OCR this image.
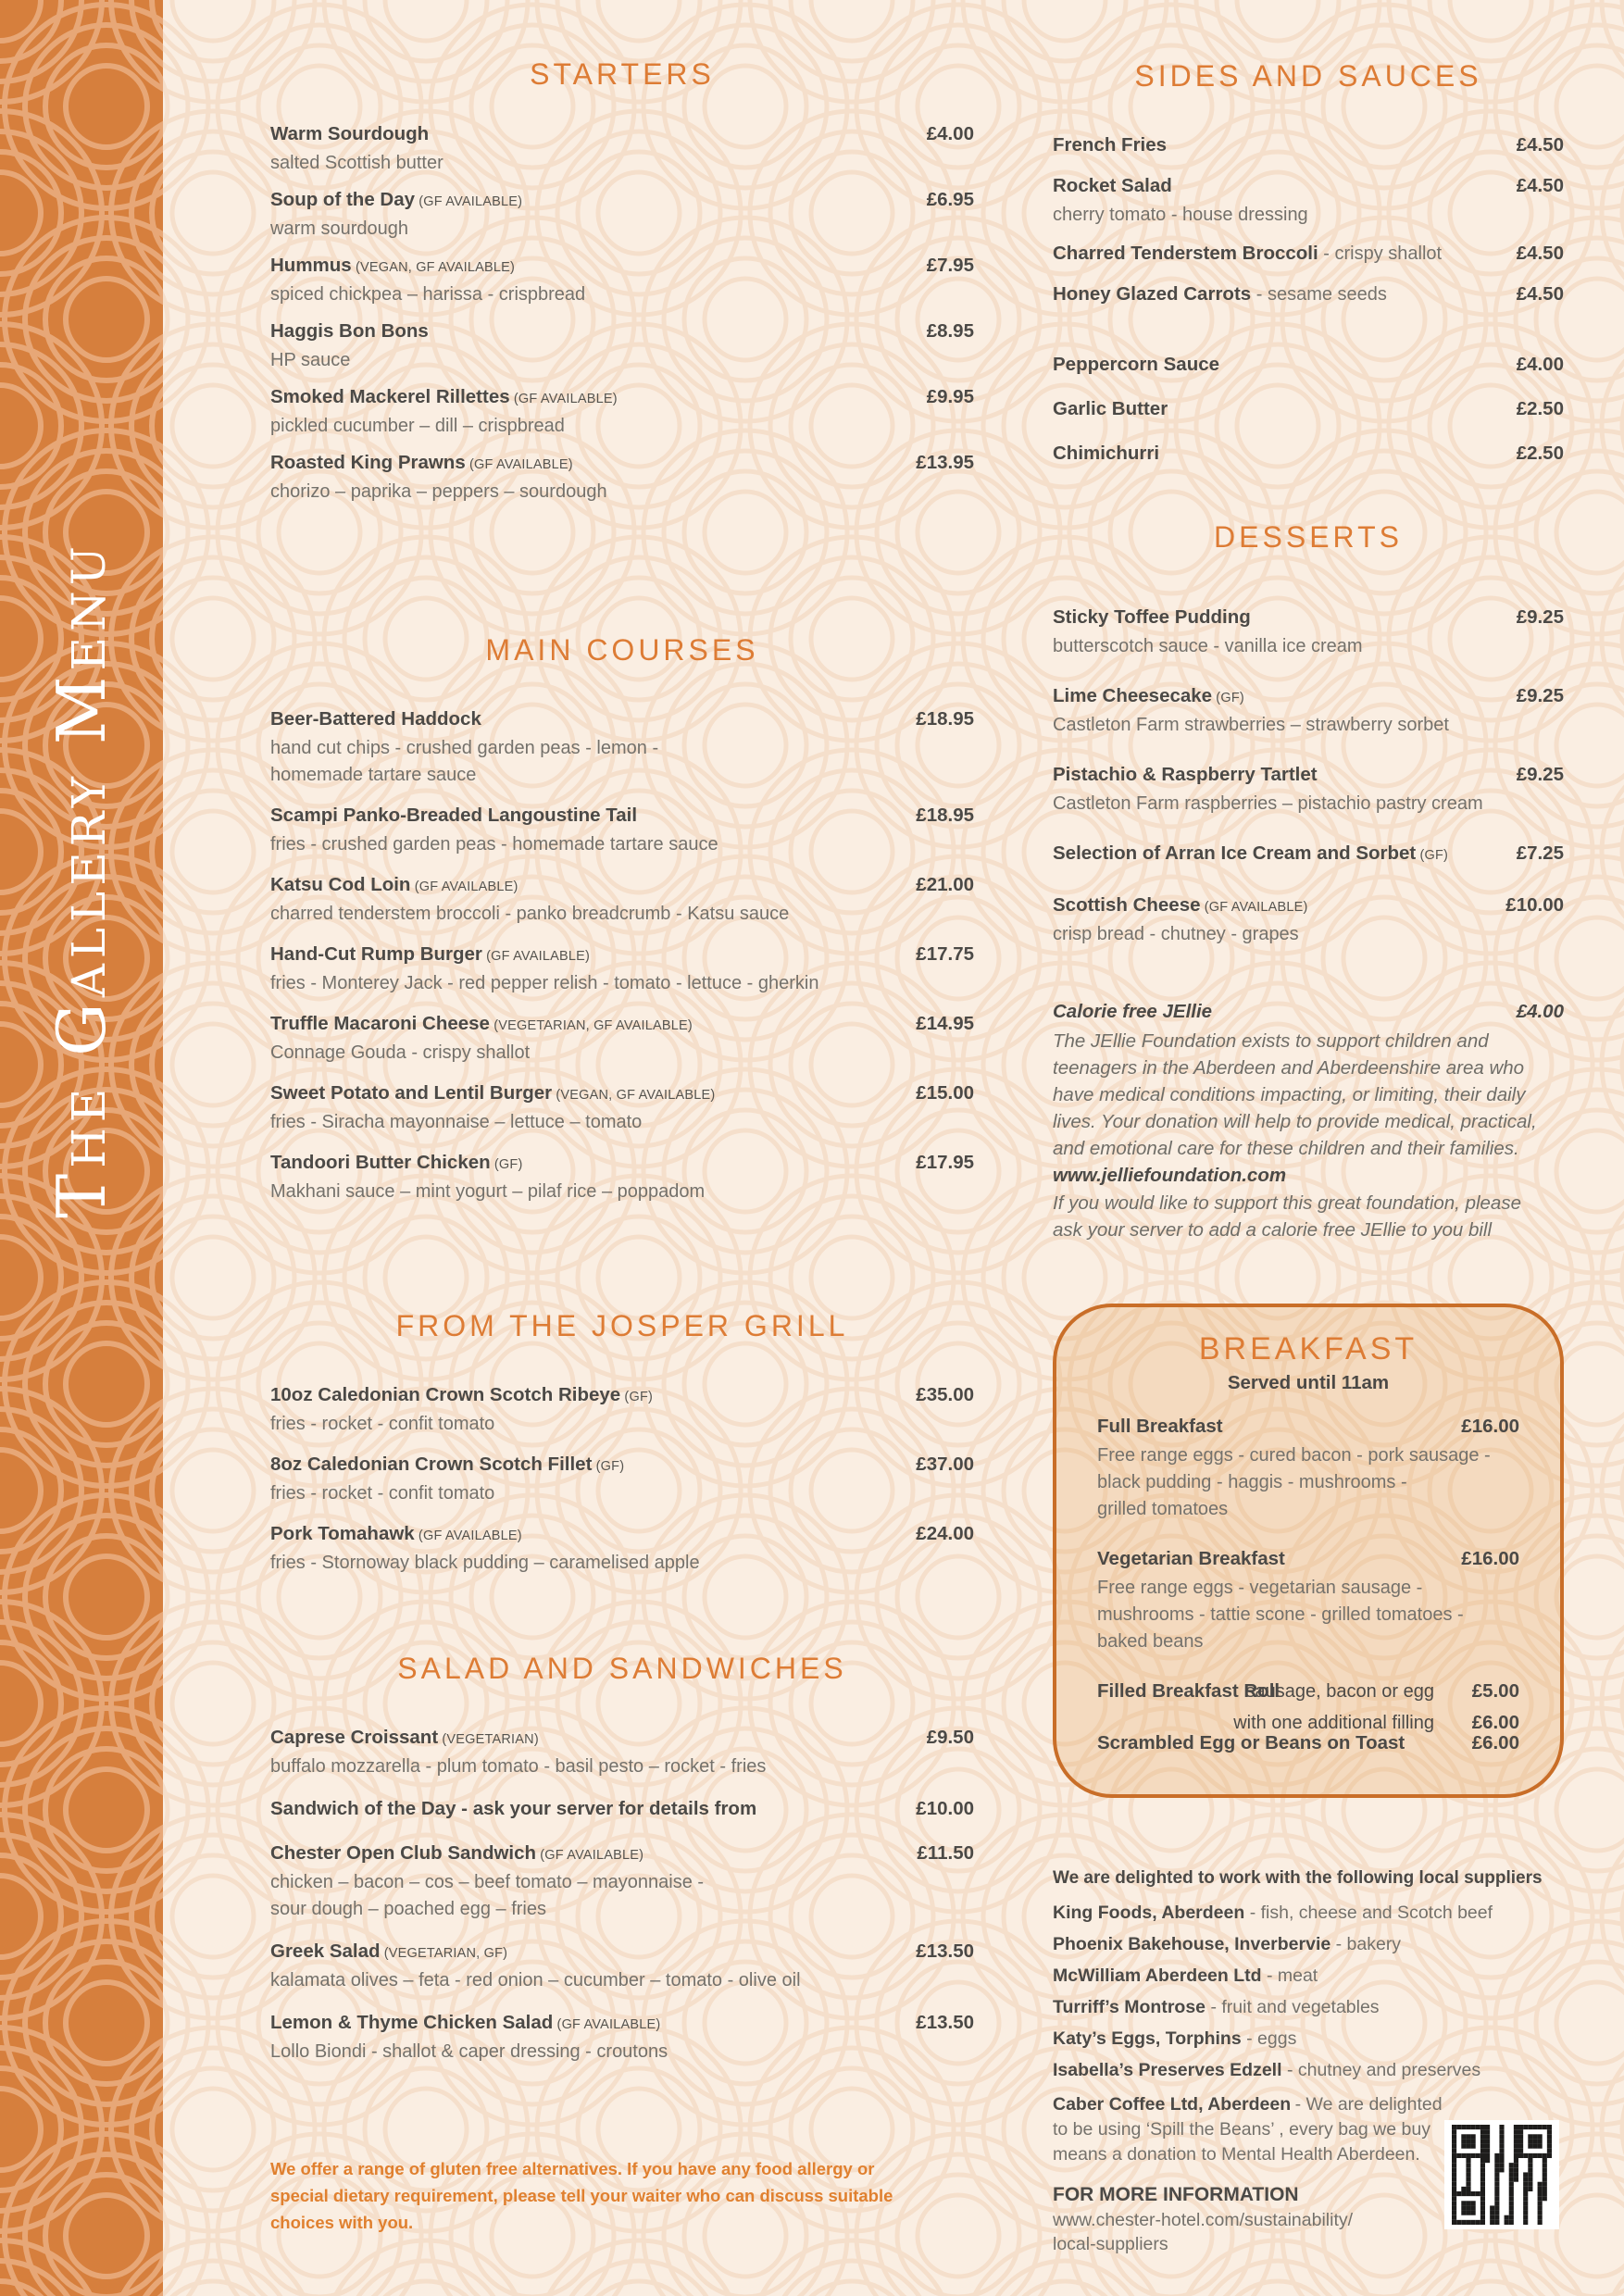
The Gallery Menu
STARTERS
Warm Sourdough	£4.00
salted Scottish butter
Soup of the Day (GF AVAILABLE)	£6.95
warm sourdough
Hummus (VEGAN, GF AVAILABLE)	£7.95
spiced chickpea – harissa - crispbread
Haggis Bon Bons	£8.95
HP sauce
Smoked Mackerel Rillettes (GF AVAILABLE)	£9.95
pickled cucumber – dill – crispbread
Roasted King Prawns (GF AVAILABLE)	£13.95
chorizo – paprika – peppers – sourdough
MAIN COURSES
Beer-Battered Haddock	£18.95
hand cut chips - crushed garden peas - lemon -
homemade tartare sauce
Scampi Panko-Breaded Langoustine Tail	£18.95
fries - crushed garden peas - homemade tartare sauce
Katsu Cod Loin (GF AVAILABLE)	£21.00
charred tenderstem broccoli - panko breadcrumb - Katsu sauce
Hand-Cut Rump Burger (GF AVAILABLE)	£17.75
fries - Monterey Jack - red pepper relish - tomato - lettuce - gherkin
Truffle Macaroni Cheese (VEGETARIAN, GF AVAILABLE)	£14.95
Connage Gouda - crispy shallot
Sweet Potato and Lentil Burger (VEGAN, GF AVAILABLE)	£15.00
fries - Siracha mayonnaise – lettuce – tomato
Tandoori Butter Chicken (GF)	£17.95
Makhani sauce – mint yogurt – pilaf rice – poppadom
FROM THE JOSPER GRILL
10oz Caledonian Crown Scotch Ribeye (GF)	£35.00
fries - rocket - confit tomato
8oz Caledonian Crown Scotch Fillet (GF)	£37.00
fries - rocket - confit tomato
Pork Tomahawk (GF AVAILABLE)	£24.00
fries - Stornoway black pudding – caramelised apple
SALAD AND SANDWICHES
Caprese Croissant (VEGETARIAN)	£9.50
buffalo mozzarella - plum tomato - basil pesto – rocket - fries
Sandwich of the Day - ask your server for details from	£10.00
Chester Open Club Sandwich (GF AVAILABLE)	£11.50
chicken – bacon – cos – beef tomato – mayonnaise -
sour dough – poached egg – fries
Greek Salad (VEGETARIAN, GF)	£13.50
kalamata olives – feta - red onion – cucumber – tomato - olive oil
Lemon & Thyme Chicken Salad (GF AVAILABLE)	£13.50
Lollo Biondi - shallot & caper dressing - croutons
We offer a range of gluten free alternatives. If you have any food allergy or
special dietary requirement, please tell your waiter who can discuss suitable
choices with you.
SIDES AND SAUCES
French Fries	£4.50
Rocket Salad	£4.50
cherry tomato - house dressing
Charred Tenderstem Broccoli - crispy shallot	£4.50
Honey Glazed Carrots - sesame seeds	£4.50
Peppercorn Sauce	£4.00
Garlic Butter	£2.50
Chimichurri	£2.50
DESSERTS
Sticky Toffee Pudding	£9.25
butterscotch sauce - vanilla ice cream
Lime Cheesecake (GF)	£9.25
Castleton Farm strawberries – strawberry sorbet
Pistachio & Raspberry Tartlet	£9.25
Castleton Farm raspberries – pistachio pastry cream
Selection of Arran Ice Cream and Sorbet (GF)	£7.25
Scottish Cheese (GF AVAILABLE)	£10.00
crisp bread - chutney - grapes
Calorie free JEllie	£4.00
The JEllie Foundation exists to support children and
teenagers in the Aberdeen and Aberdeenshire area who
have medical conditions impacting, or limiting, their daily
lives. Your donation will help to provide medical, practical,
and emotional care for these children and their families.
www.jelliefoundation.com
If you would like to support this great foundation, please
ask your server to add a calorie free JEllie to you bill
BREAKFAST
Served until 11am
Full Breakfast	£16.00
Free range eggs - cured bacon - pork sausage -
black pudding - haggis - mushrooms -
grilled tomatoes
Vegetarian Breakfast	£16.00
Free range eggs - vegetarian sausage -
mushrooms - tattie scone - grilled tomatoes -
baked beans
Filled Breakfast Roll
sausage, bacon or egg £5.00
with one additional filling £6.00
Scrambled Egg or Beans on Toast	£6.00
We are delighted to work with the following local suppliers
King Foods, Aberdeen - fish, cheese and Scotch beef
Phoenix Bakehouse, Inverbervie - bakery
McWilliam Aberdeen Ltd - meat
Turriff’s Montrose - fruit and vegetables
Katy’s Eggs, Torphins - eggs
Isabella’s Preserves Edzell - chutney and preserves
Caber Coffee Ltd, Aberdeen - We are delighted
to be using ‘Spill the Beans’ , every bag we buy
means a donation to Mental Health Aberdeen.
FOR MORE INFORMATION
www.chester-hotel.com/sustainability/
local-suppliers
